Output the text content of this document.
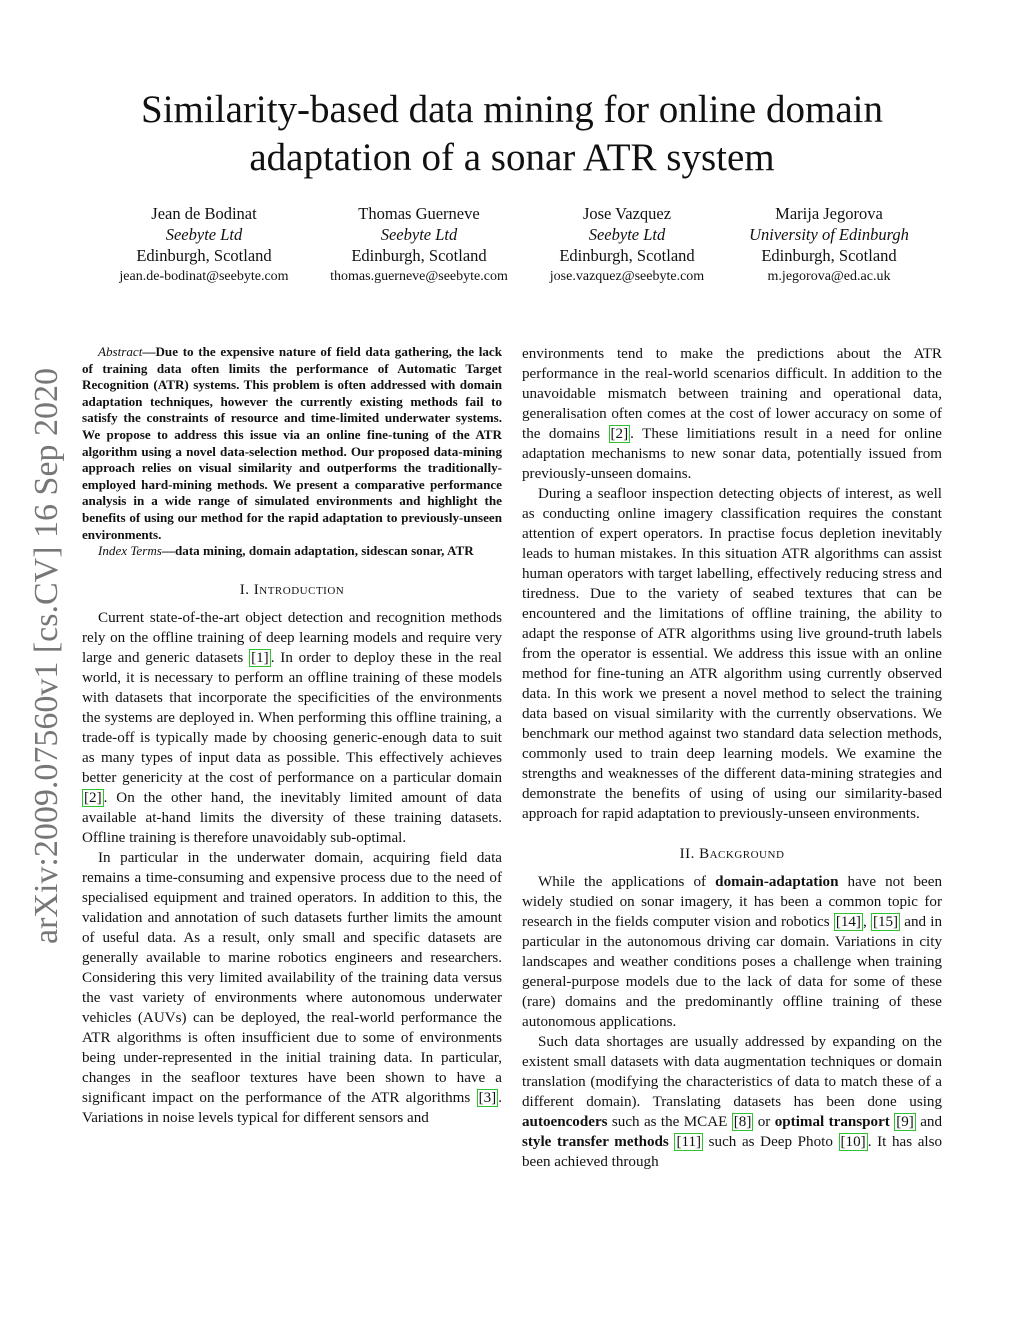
Similarity-based data mining for online domain
adaptation of a sonar ATR system
Jean de Bodinat
Seebyte Ltd
Edinburgh, Scotland
jean.de-bodinat@seebyte.com
Thomas Guerneve
Seebyte Ltd
Edinburgh, Scotland
thomas.guerneve@seebyte.com
Jose Vazquez
Seebyte Ltd
Edinburgh, Scotland
jose.vazquez@seebyte.com
Marija Jegorova
University of Edinburgh
Edinburgh, Scotland
m.jegorova@ed.ac.uk
arXiv:2009.07560v1 [cs.CV] 16 Sep 2020

Abstract—Due to the expensive nature of field data gathering, the lack of training data often limits the performance of Automatic Target Recognition (ATR) systems. This problem is often addressed with domain adaptation techniques, however the currently existing methods fail to satisfy the constraints of resource and time-limited underwater systems. We propose to address this issue via an online fine-tuning of the ATR algorithm using a novel data-selection method. Our proposed data-mining approach relies on visual similarity and outperforms the traditionally-employed hard-mining methods. We present a comparative performance analysis in a wide range of simulated environments and highlight the benefits of using our method for the rapid adaptation to previously-unseen environments.

Index Terms—data mining, domain adaptation, sidescan sonar, ATR

I. Introduction

Current state-of-the-art object detection and recognition methods rely on the offline training of deep learning models and require very large and generic datasets [1] . In order to deploy these in the real world, it is necessary to perform an offline training of these models with datasets that incorporate the specificities of the environments the systems are deployed in. When performing this offline training, a trade-off is typically made by choosing generic-enough data to suit as many types of input data as possible. This effectively achieves better genericity at the cost of performance on a particular domain [2] . On the other hand, the inevitably limited amount of data available at-hand limits the diversity of these training datasets. Offline training is therefore unavoidably sub-optimal.

In particular in the underwater domain, acquiring field data remains a time-consuming and expensive process due to the need of specialised equipment and trained operators. In addition to this, the validation and annotation of such datasets further limits the amount of useful data. As a result, only small and specific datasets are generally available to marine robotics engineers and researchers. Considering this very limited availability of the training data versus the vast variety of environments where autonomous underwater vehicles (AUVs) can be deployed, the real-world performance the ATR algorithms is often insufficient due to some of environments being under-represented in the initial training data. In particular, changes in the seafloor textures have been shown to have a significant impact on the performance of the ATR algorithms [3] . Variations in noise levels typical for different sensors and

environments tend to make the predictions about the ATR performance in the real-world scenarios difficult. In addition to the unavoidable mismatch between training and operational data, generalisation often comes at the cost of lower accuracy on some of the domains [2] . These limitiations result in a need for online adaptation mechanisms to new sonar data, potentially issued from previously-unseen domains.

During a seafloor inspection detecting objects of interest, as well as conducting online imagery classification requires the constant attention of expert operators. In practise focus depletion inevitably leads to human mistakes. In this situation ATR algorithms can assist human operators with target labelling, effectively reducing stress and tiredness. Due to the variety of seabed textures that can be encountered and the limitations of offline training, the ability to adapt the response of ATR algorithms using live ground-truth labels from the operator is essential. We address this issue with an online method for fine-tuning an ATR algorithm using currently observed data. In this work we present a novel method to select the training data based on visual similarity with the currently observations. We benchmark our method against two standard data selection methods, commonly used to train deep learning models. We examine the strengths and weaknesses of the different data-mining strategies and demonstrate the benefits of using of using our similarity-based approach for rapid adaptation to previously-unseen environments.

II. Background

While the applications of domain-adaptation have not been widely studied on sonar imagery, it has been a common topic for research in the fields computer vision and robotics [14] , [15] and in particular in the autonomous driving car domain. Variations in city landscapes and weather conditions poses a challenge when training general-purpose models due to the lack of data for some of these (rare) domains and the predominantly offline training of these autonomous applications.

Such data shortages are usually addressed by expanding on the existent small datasets with data augmentation techniques or domain translation (modifying the characteristics of data to match these of a different domain). Translating datasets has been done using autoencoders such as the MCAE [8] or optimal transport [9] and style transfer methods [11] such as Deep Photo [10] . It has also been achieved through
